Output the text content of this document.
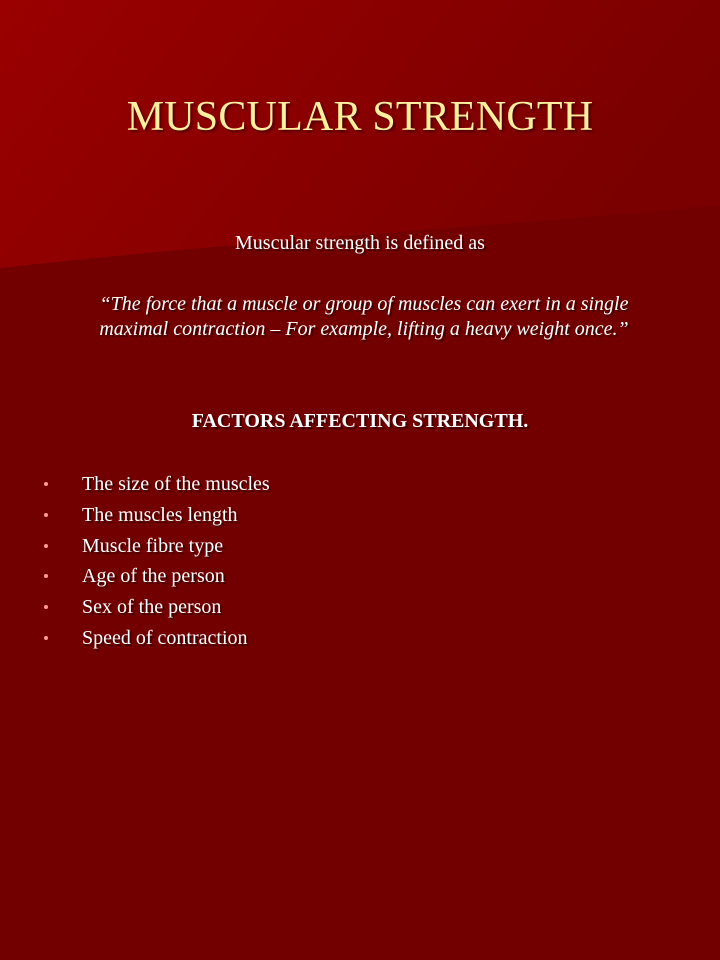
MUSCULAR STRENGTH
Muscular strength is defined as
“The force that a muscle or group of muscles can exert in a single maximal contraction – For example, lifting a heavy weight once.”
FACTORS AFFECTING STRENGTH.
The size of the muscles
The muscles length
Muscle fibre type
Age of the person
Sex of the person
Speed of contraction
